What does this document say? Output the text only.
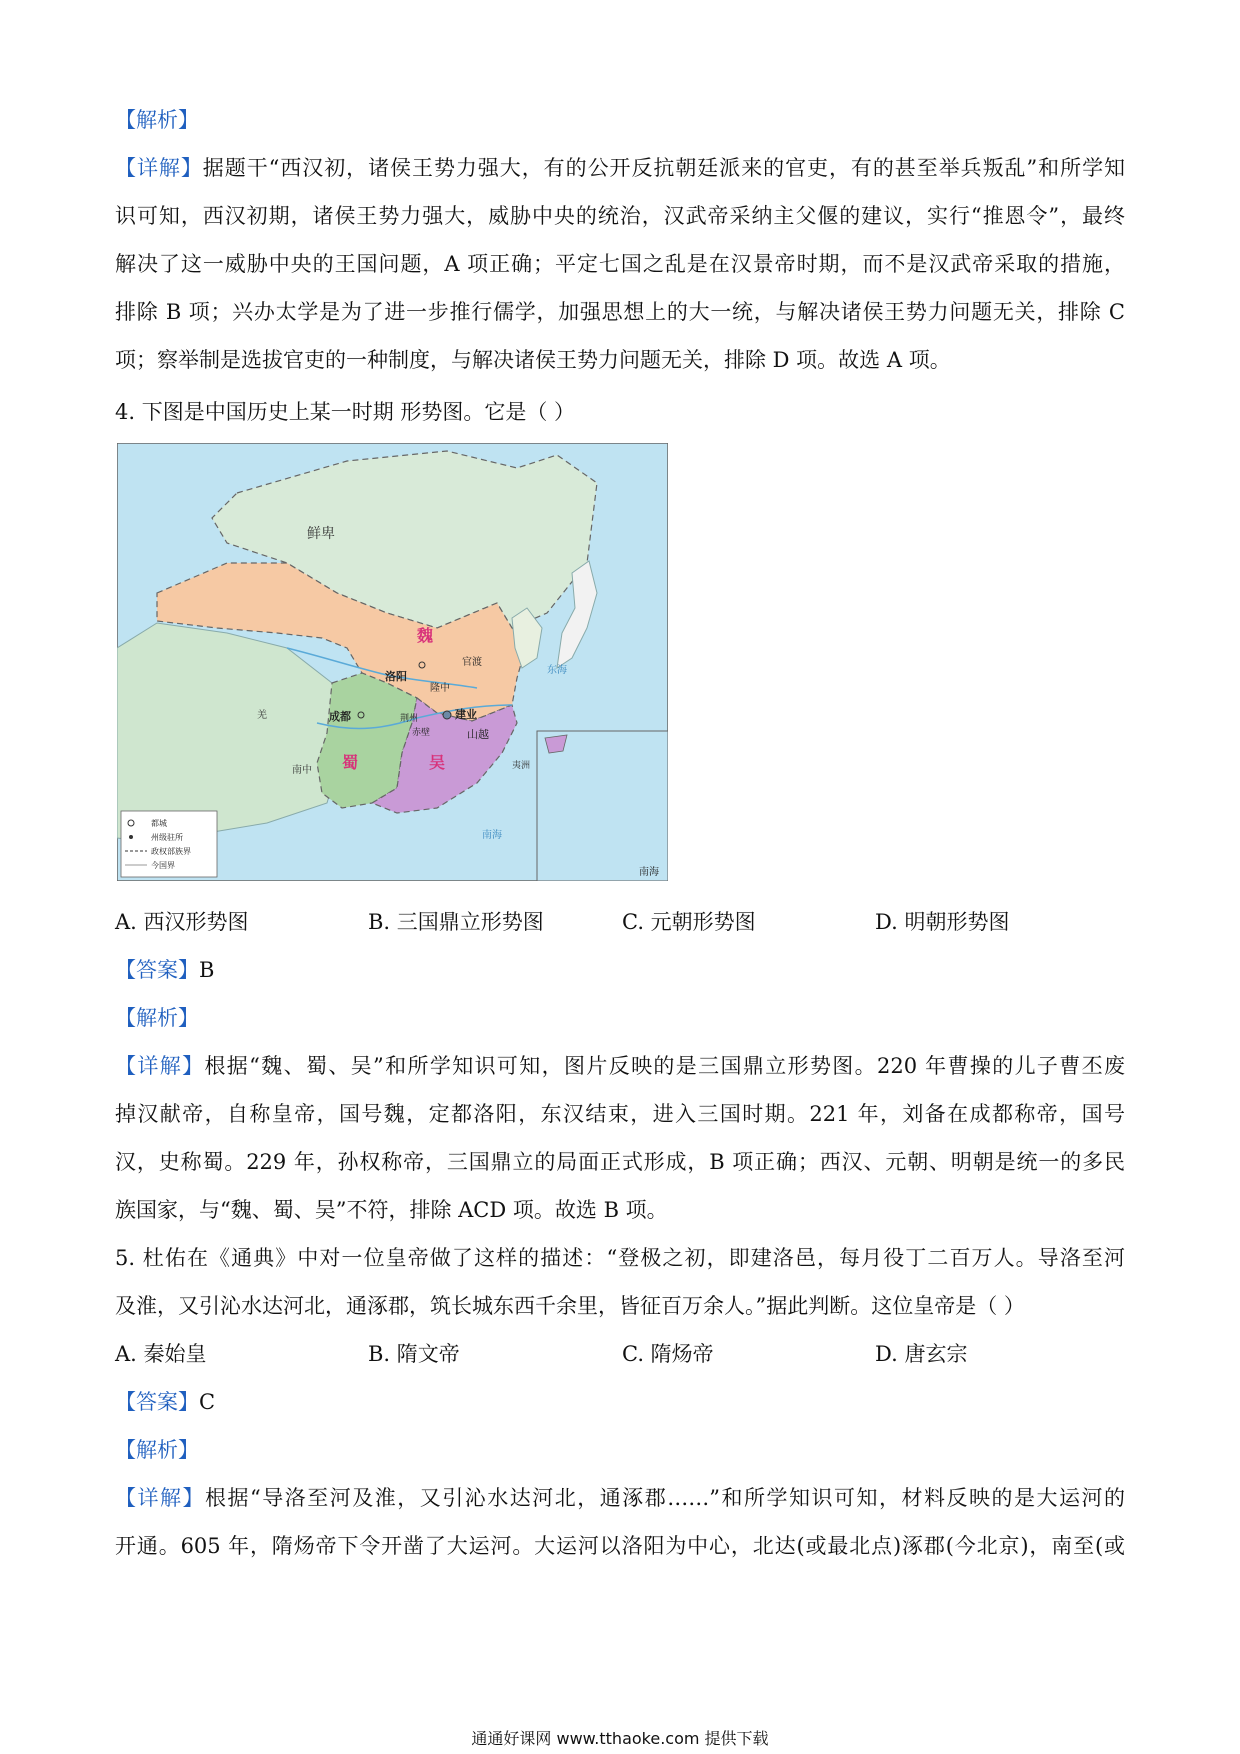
【解析】
【详解】据题干“西汉初，诸侯王势力强大，有的公开反抗朝廷派来的官吏，有的甚至举兵叛乱”和所学知
识可知，西汉初期，诸侯王势力强大，威胁中央的统治，汉武帝采纳主父偃的建议，实行“推恩令”，最终
解决了这一威胁中央的王国问题，A 项正确；平定七国之乱是在汉景帝时期，而不是汉武帝采取的措施，
排除 B 项；兴办太学是为了进一步推行儒学，加强思想上的大一统，与解决诸侯王势力问题无关，排除 C
项；察举制是选拔官吏的一种制度，与解决诸侯王势力问题无关，排除 D 项。故选 A 项。
4. 下图是中国历史上某一时期 形势图。它是（ ）
鲜卑
魏
蜀	吴
洛阳
官渡
隆中
成都	建业
荆州
赤壁	山越
南中
羌
夷洲
东海
南海
南海
都城
州级驻所
政权部族界
今国界
A. 西汉形势图	B. 三国鼎立形势图	C. 元朝形势图	D. 明朝形势图
【答案】B
【解析】
【详解】根据“魏、蜀、吴”和所学知识可知，图片反映的是三国鼎立形势图。220 年曹操的儿子曹丕废
掉汉献帝，自称皇帝，国号魏，定都洛阳，东汉结束，进入三国时期。221 年，刘备在成都称帝，国号
汉，史称蜀。229 年，孙权称帝，三国鼎立的局面正式形成，B 项正确；西汉、元朝、明朝是统一的多民
族国家，与“魏、蜀、吴”不符，排除 ACD 项。故选 B 项。
5. 杜佑在《通典》中对一位皇帝做了这样的描述：“登极之初，即建洛邑，每月役丁二百万人。导洛至河
及淮，又引沁水达河北，通涿郡，筑长城东西千余里，皆征百万余人。”据此判断。这位皇帝是（ ）
A. 秦始皇	B. 隋文帝	C. 隋炀帝	D. 唐玄宗
【答案】C
【解析】
【详解】根据“导洛至河及淮，又引沁水达河北，通涿郡……”和所学知识可知，材料反映的是大运河的
开通。605 年，隋炀帝下令开凿了大运河。大运河以洛阳为中心，北达(或最北点)涿郡(今北京)，南至(或
通通好课网 www.tthaoke.com 提供下载
